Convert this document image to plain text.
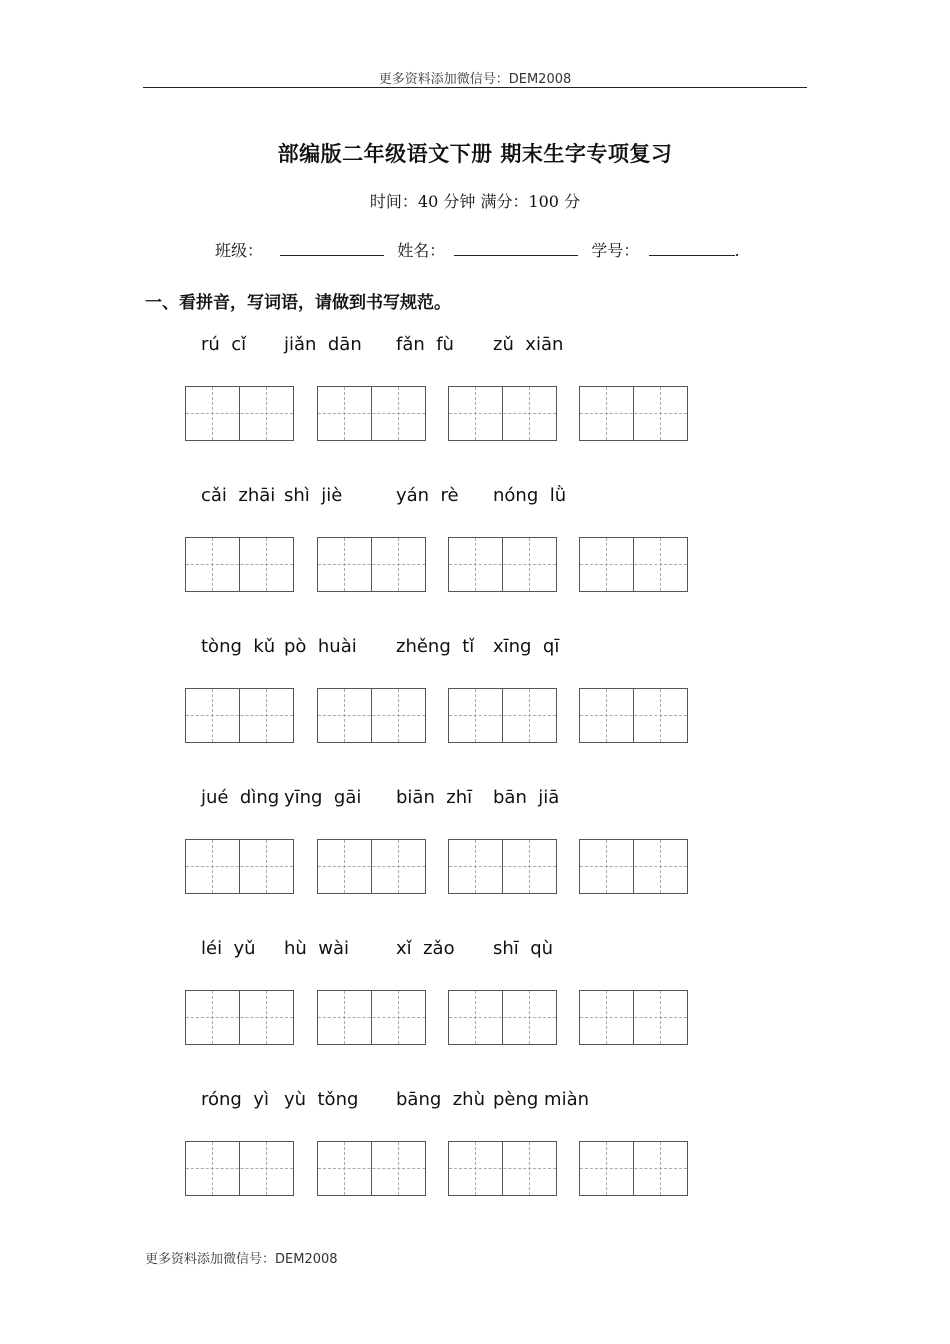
更多资料添加微信号：DEM2008
部编版二年级语文下册 期末生字专项复习
时间：40 分钟 满分：100 分
班级：	姓名：	学号：	.
一、看拼音，写词语，请做到书写规范。
rú  cǐ jiǎn  dān fǎn  fù zǔ  xiān
cǎi  zhāi shì  jiè	yán  rè nóng  lǜ
tòng  kǔ pò  huài zhěng  tǐ xīng  qī
jué  dìng yīng  gāi biān  zhī bān  jiā
léi  yǔ hù  wài	xǐ  zǎo shī  qù
róng  yì yù  tǒng bāng  zhù pèng miàn
更多资料添加微信号：DEM2008
